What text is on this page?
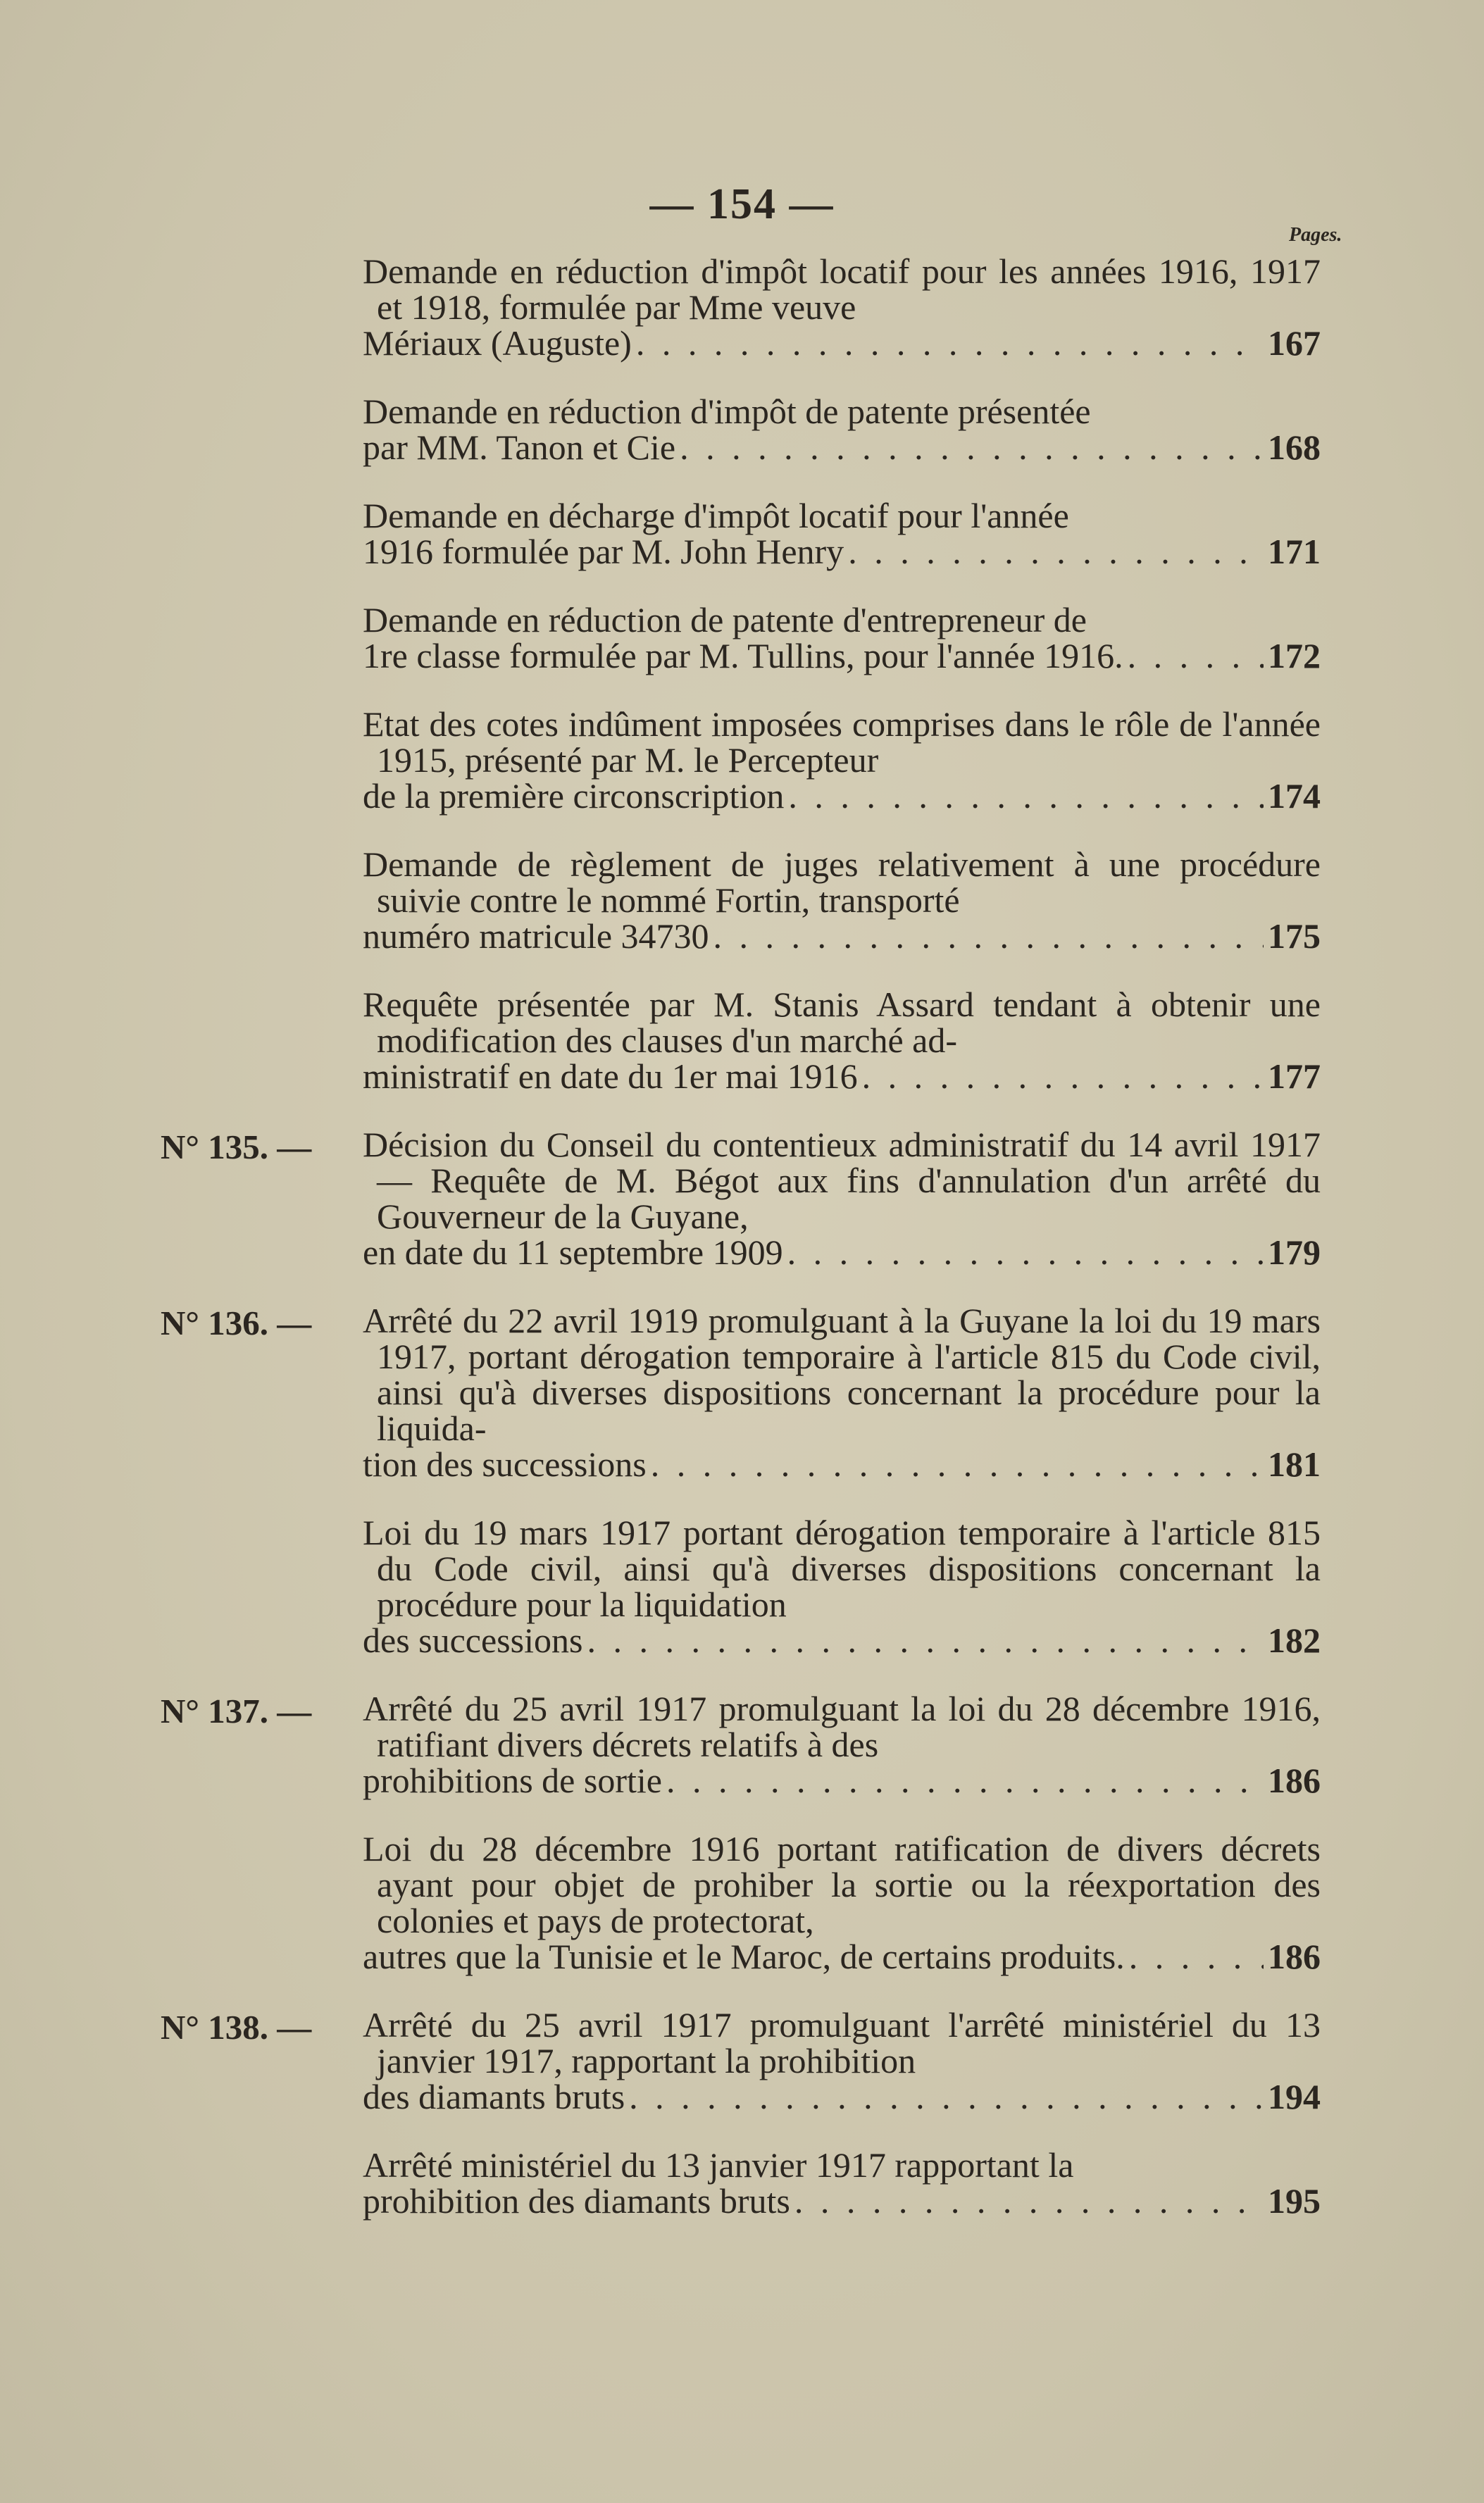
— 154 —
Pages.
Demande en réduction d'impôt locatif pour les années 1916, 1917 et 1918, formulée par Mme veuve
Mériaux (Auguste) . . .	167
Demande en réduction d'impôt de patente présentée
par MM. Tanon et Cie . . .	168
Demande en décharge d'impôt locatif pour l'année
1916 formulée par M. John Henry . . .	171
Demande en réduction de patente d'entrepreneur de
1re classe formulée par M. Tullins, pour l'année 1916. . . .	172
Etat des cotes indûment imposées comprises dans le rôle de l'année 1915, présenté par M. le Percepteur
de la première circonscription . . .	174
Demande de règlement de juges relativement à une procédure suivie contre le nommé Fortin, transporté
numéro matricule 34730 . . .	175
Requête présentée par M. Stanis Assard tendant à obtenir une modification des clauses d'un marché ad-
ministratif en date du 1er mai 1916 . . .	177
N° 135. —	Décision du Conseil du contentieux administratif du 14 avril 1917 — Requête de M. Bégot aux fins d'annulation d'un arrêté du Gouverneur de la Guyane,
en date du 11 septembre 1909 . . .	179
N° 136. —	Arrêté du 22 avril 1919 promulguant à la Guyane la loi du 19 mars 1917, portant dérogation temporaire à l'article 815 du Code civil, ainsi qu'à diverses dispositions concernant la procédure pour la liquida-
tion des successions . . .	181
Loi du 19 mars 1917 portant dérogation temporaire à l'article 815 du Code civil, ainsi qu'à diverses dispositions concernant la procédure pour la liquidation
des successions . . .	182
N° 137. —	Arrêté du 25 avril 1917 promulguant la loi du 28 décembre 1916, ratifiant divers décrets relatifs à des
prohibitions de sortie . . .	186
Loi du 28 décembre 1916 portant ratification de divers décrets ayant pour objet de prohiber la sortie ou la réexportation des colonies et pays de protectorat,
autres que la Tunisie et le Maroc, de certains produits. . . .	186
N° 138. —	Arrêté du 25 avril 1917 promulguant l'arrêté ministériel du 13 janvier 1917, rapportant la prohibition
des diamants bruts . . .	194
Arrêté ministériel du 13 janvier 1917 rapportant la
prohibition des diamants bruts . . .	195
